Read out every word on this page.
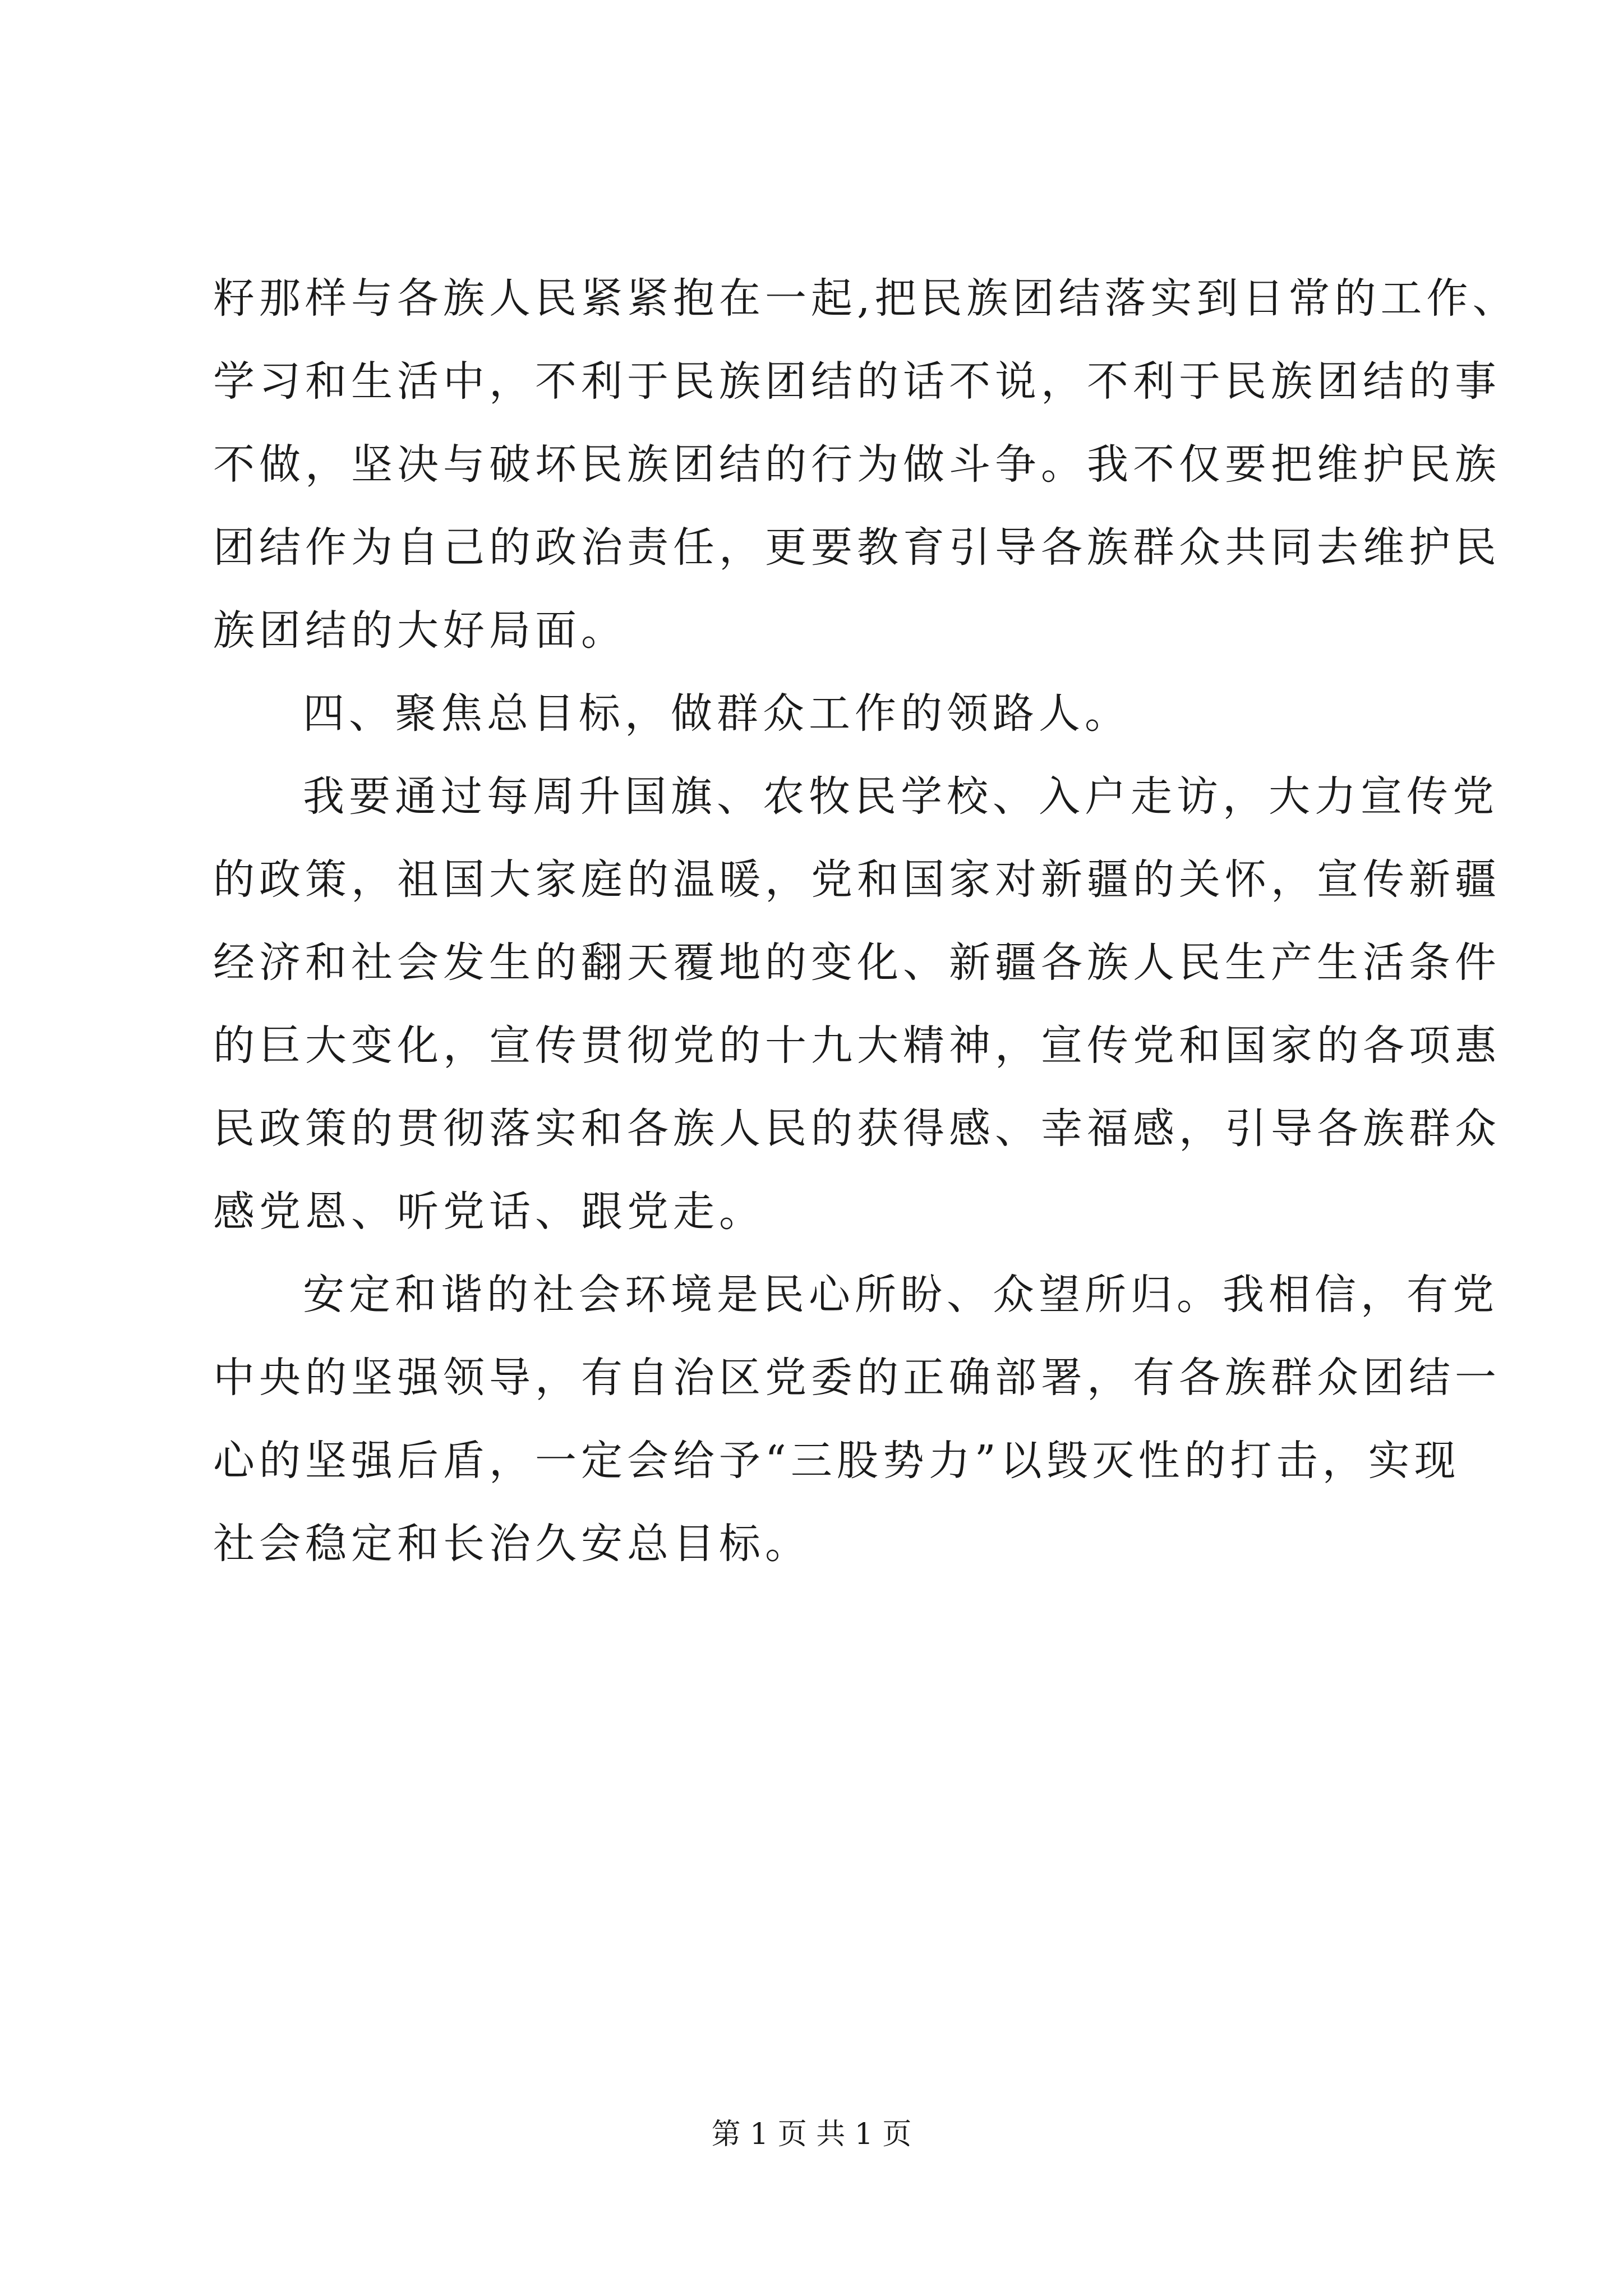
籽那样与各族人民紧紧抱在一起,把民族团结落实到日常的工作、
学习和生活中，不利于民族团结的话不说，不利于民族团结的事
不做，坚决与破坏民族团结的行为做斗争。我不仅要把维护民族
团结作为自己的政治责任，更要教育引导各族群众共同去维护民
族团结的大好局面。
四、聚焦总目标，做群众工作的领路人。
我要通过每周升国旗、农牧民学校、入户走访，大力宣传党
的政策，祖国大家庭的温暖，党和国家对新疆的关怀，宣传新疆
经济和社会发生的翻天覆地的变化、新疆各族人民生产生活条件
的巨大变化，宣传贯彻党的十九大精神，宣传党和国家的各项惠
民政策的贯彻落实和各族人民的获得感、幸福感，引导各族群众
感党恩、听党话、跟党走。
安定和谐的社会环境是民心所盼、众望所归。我相信，有党
中央的坚强领导，有自治区党委的正确部署，有各族群众团结一
心的坚强后盾，一定会给予“三股势力”以毁灭性的打击，实现
社会稳定和长治久安总目标。
第 1 页 共 1 页
